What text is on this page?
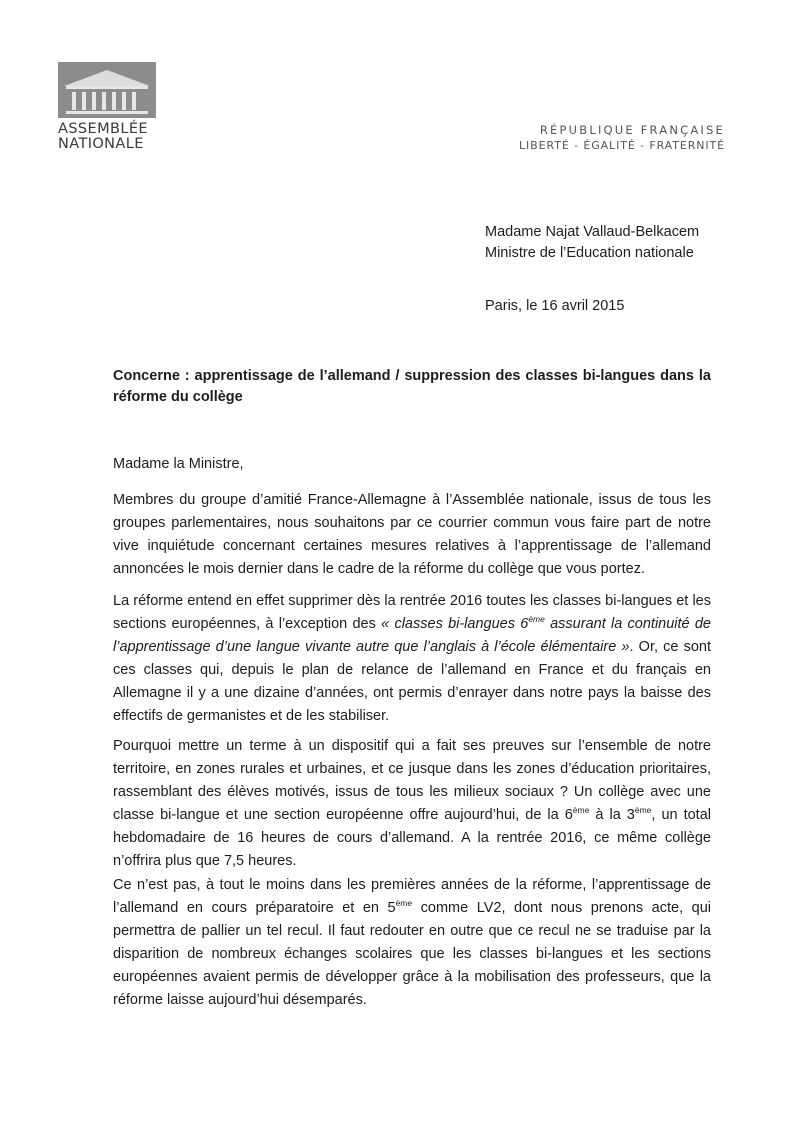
ASSEMBLÉE
NATIONALE
RÉPUBLIQUE FRANÇAISE
LIBERTÉ - ÉGALITÉ - FRATERNITÉ
Madame Najat Vallaud-Belkacem
Ministre de l’Education nationale
Paris, le 16 avril 2015
Concerne : apprentissage de l’allemand / suppression des classes bi-langues dans la réforme du collège
Madame la Ministre,

Membres du groupe d’amitié France-Allemagne à l’Assemblée nationale, issus de tous les groupes parlementaires, nous souhaitons par ce courrier commun vous faire part de notre vive inquiétude concernant certaines mesures relatives à l’apprentissage de l’allemand annoncées le mois dernier dans le cadre de la réforme du collège que vous portez.

La réforme entend en effet supprimer dès la rentrée 2016 toutes les classes bi-langues et les sections européennes, à l’exception des « classes bi-langues 6ème assurant la continuité de l’apprentissage d’une langue vivante autre que l’anglais à l’école élémentaire ». Or, ce sont ces classes qui, depuis le plan de relance de l’allemand en France et du français en Allemagne il y a une dizaine d’années, ont permis d’enrayer dans notre pays la baisse des effectifs de germanistes et de les stabiliser.

Pourquoi mettre un terme à un dispositif qui a fait ses preuves sur l’ensemble de notre territoire, en zones rurales et urbaines, et ce jusque dans les zones d’éducation prioritaires, rassemblant des élèves motivés, issus de tous les milieux sociaux ? Un collège avec une classe bi-langue et une section européenne offre aujourd’hui, de la 6ème à la 3ème, un total hebdomadaire de 16 heures de cours d’allemand. A la rentrée 2016, ce même collège n’offrira plus que 7,5 heures.

Ce n’est pas, à tout le moins dans les premières années de la réforme, l’apprentissage de l’allemand en cours préparatoire et en 5ème comme LV2, dont nous prenons acte, qui permettra de pallier un tel recul. Il faut redouter en outre que ce recul ne se traduise par la disparition de nombreux échanges scolaires que les classes bi-langues et les sections européennes avaient permis de développer grâce à la mobilisation des professeurs, que la réforme laisse aujourd’hui désemparés.
